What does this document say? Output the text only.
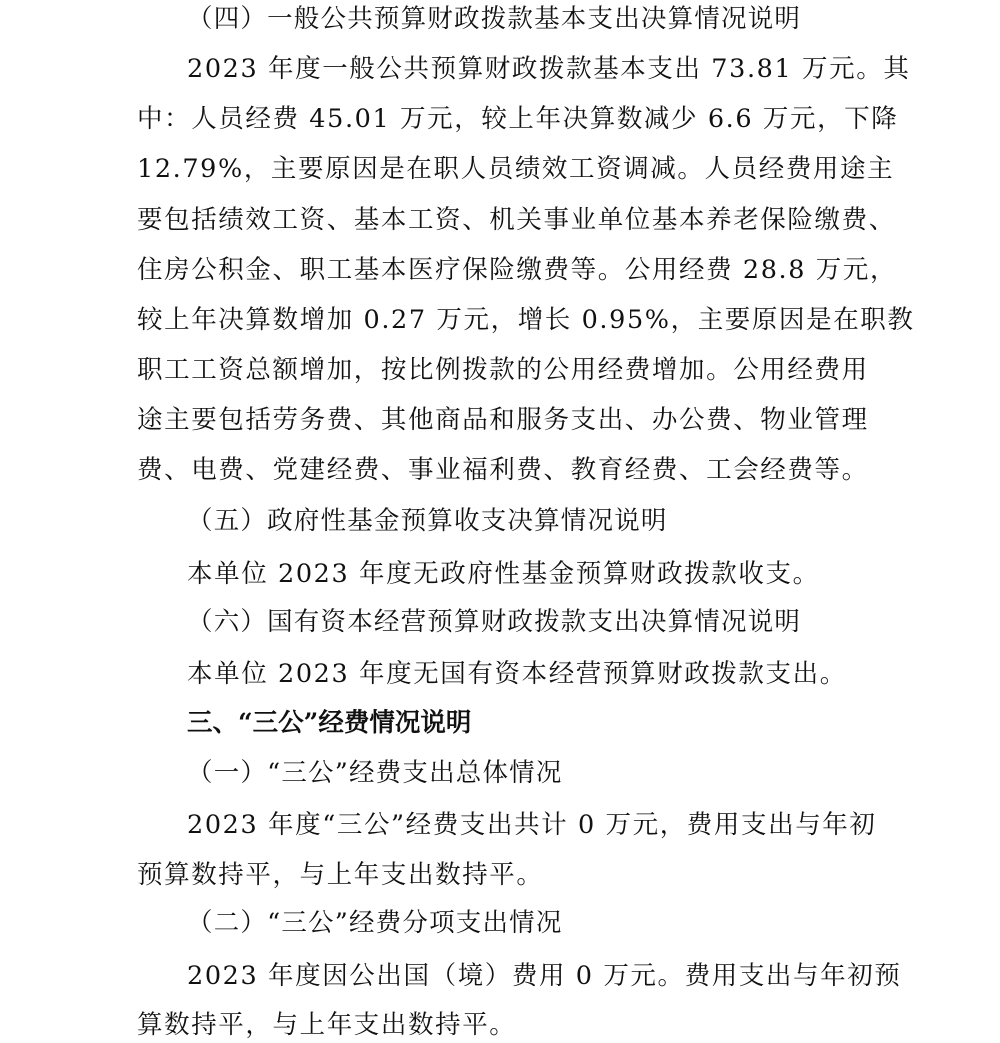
（四）一般公共预算财政拨款基本支出决算情况说明
2023 年度一般公共预算财政拨款基本支出 73.81 万元。其
中：人员经费 45.01 万元，较上年决算数减少 6.6 万元，下降
12.79%，主要原因是在职人员绩效工资调减。人员经费用途主
要包括绩效工资、基本工资、机关事业单位基本养老保险缴费、
住房公积金、职工基本医疗保险缴费等。公用经费 28.8 万元，
较上年决算数增加 0.27 万元，增长 0.95%，主要原因是在职教
职工工资总额增加，按比例拨款的公用经费增加。公用经费用
途主要包括劳务费、其他商品和服务支出、办公费、物业管理
费、电费、党建经费、事业福利费、教育经费、工会经费等。
（五）政府性基金预算收支决算情况说明
本单位 2023 年度无政府性基金预算财政拨款收支。
（六）国有资本经营预算财政拨款支出决算情况说明
本单位 2023 年度无国有资本经营预算财政拨款支出。
三、“三公”经费情况说明
（一）“三公”经费支出总体情况
2023 年度“三公”经费支出共计 0 万元，费用支出与年初
预算数持平，与上年支出数持平。
（二）“三公”经费分项支出情况
2023 年度因公出国（境）费用 0 万元。费用支出与年初预
算数持平，与上年支出数持平。
